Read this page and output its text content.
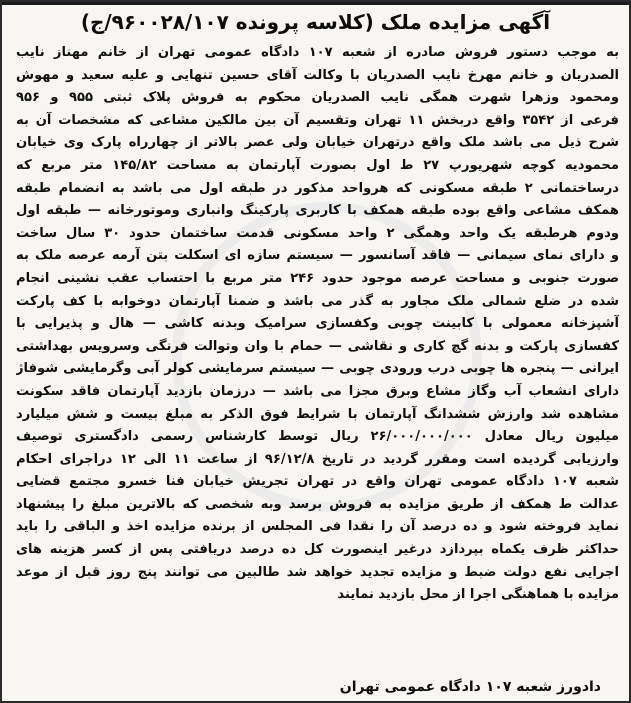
آگهی مزایده ملک (کلاسه پرونده ۹۶۰۰۲۸/۱۰۷/ج)
به موجب دستور فروش صادره از شعبه ۱۰۷ دادگاه عمومی تهران از خانم مهناز نایب
الصدریان و خانم مهرخ نایب الصدریان با وکالت آقای حسین تنهایی و علیه سعید و مهوش
ومحمود وزهرا شهرت همگی نایب الصدریان محکوم به فروش پلاک ثبتی ۹۵۵ و ۹۵۶
فرعی از ۳۵۴۲ واقع دربخش ۱۱ تهران وتقسیم آن بین مالکین مشاعی که مشخصات آن به
شرح ذیل می باشد ملک واقع درتهران خیابان ولی عصر بالاتر از چهارراه پارک وی خیابان
محمودیه کوچه شهریورپ ۲۷ ط اول بصورت آپارتمان به مساحت ۱۴۵/۸۲ متر مربع که
درساختمانی ۲ طبقه مسکونی که هرواحد مذکور در طبقه اول می باشد به انضمام طبقه
همکف مشاعی واقع بوده طبقه همکف با کاربری پارکینگ وانباری وموتورخانه — طبقه اول
ودوم هرطبقه یک واحد وهمگی ۲ واحد مسکونی قدمت ساختمان حدود ۳۰ سال ساخت
و دارای نمای سیمانی — فاقد آسانسور — سیستم سازه ای اسکلت بتن آرمه عرصه ملک به
صورت جنوبی و مساحت عرصه موجود حدود ۲۴۶ متر مربع با احتساب عقب نشینی انجام
شده در ضلع شمالی ملک مجاور به گذر می باشد و ضمنا آپارتمان دوخوابه با کف پارکت
آشپزخانه معمولی با کابینت چوبی وکفسازی سرامیک وبدنه کاشی — هال و پذیرایی با
کفسازی پارکت و بدنه گچ کاری و نقاشی — حمام با وان وتوالت فرنگی وسرویس بهداشتی
ایرانی — پنجره ها چوبی درب ورودی چوبی — سیستم سرمایشی کولر آبی وگرمایشی شوفاژ
دارای انشعاب آب وگاز مشاع وبرق مجزا می باشد — درزمان بازدید آپارتمان فاقد سکونت
مشاهده شد وارزش ششدانگ آپارتمان با شرایط فوق الذکر به مبلغ بیست و شش میلیارد
میلیون ریال معادل ۲۶/۰۰۰/۰۰۰/۰۰۰ ریال توسط کارشناس رسمی دادگستری توصیف
وارزیابی گردیده است ومقرر گردید در تاریخ ۹۶/۱۲/۸ از ساعت ۱۱ الی ۱۲ دراجرای احکام
شعبه ۱۰۷ دادگاه عمومی تهران واقع در تهران تجریش خیابان فنا خسرو مجتمع قضایی
عدالت ط همکف از طریق مزایده به فروش برسد وبه شخصی که بالاترین مبلغ را پیشنهاد
نماید فروخته شود و ده درصد آن را نقدا فی المجلس از برنده مزایده اخذ و الباقی را باید
حداکثر ظرف یکماه بپردازد درغیر اینصورت کل ده درصد دریافتی پس از کسر هزینه های
اجرایی نفع دولت ضبط و مزایده تجدید خواهد شد طالبین می توانند پنج روز قبل از موعد
مزایده با هماهنگی اجرا از محل بازدید نمایند
دادورز شعبه ۱۰۷ دادگاه عمومی تهران
